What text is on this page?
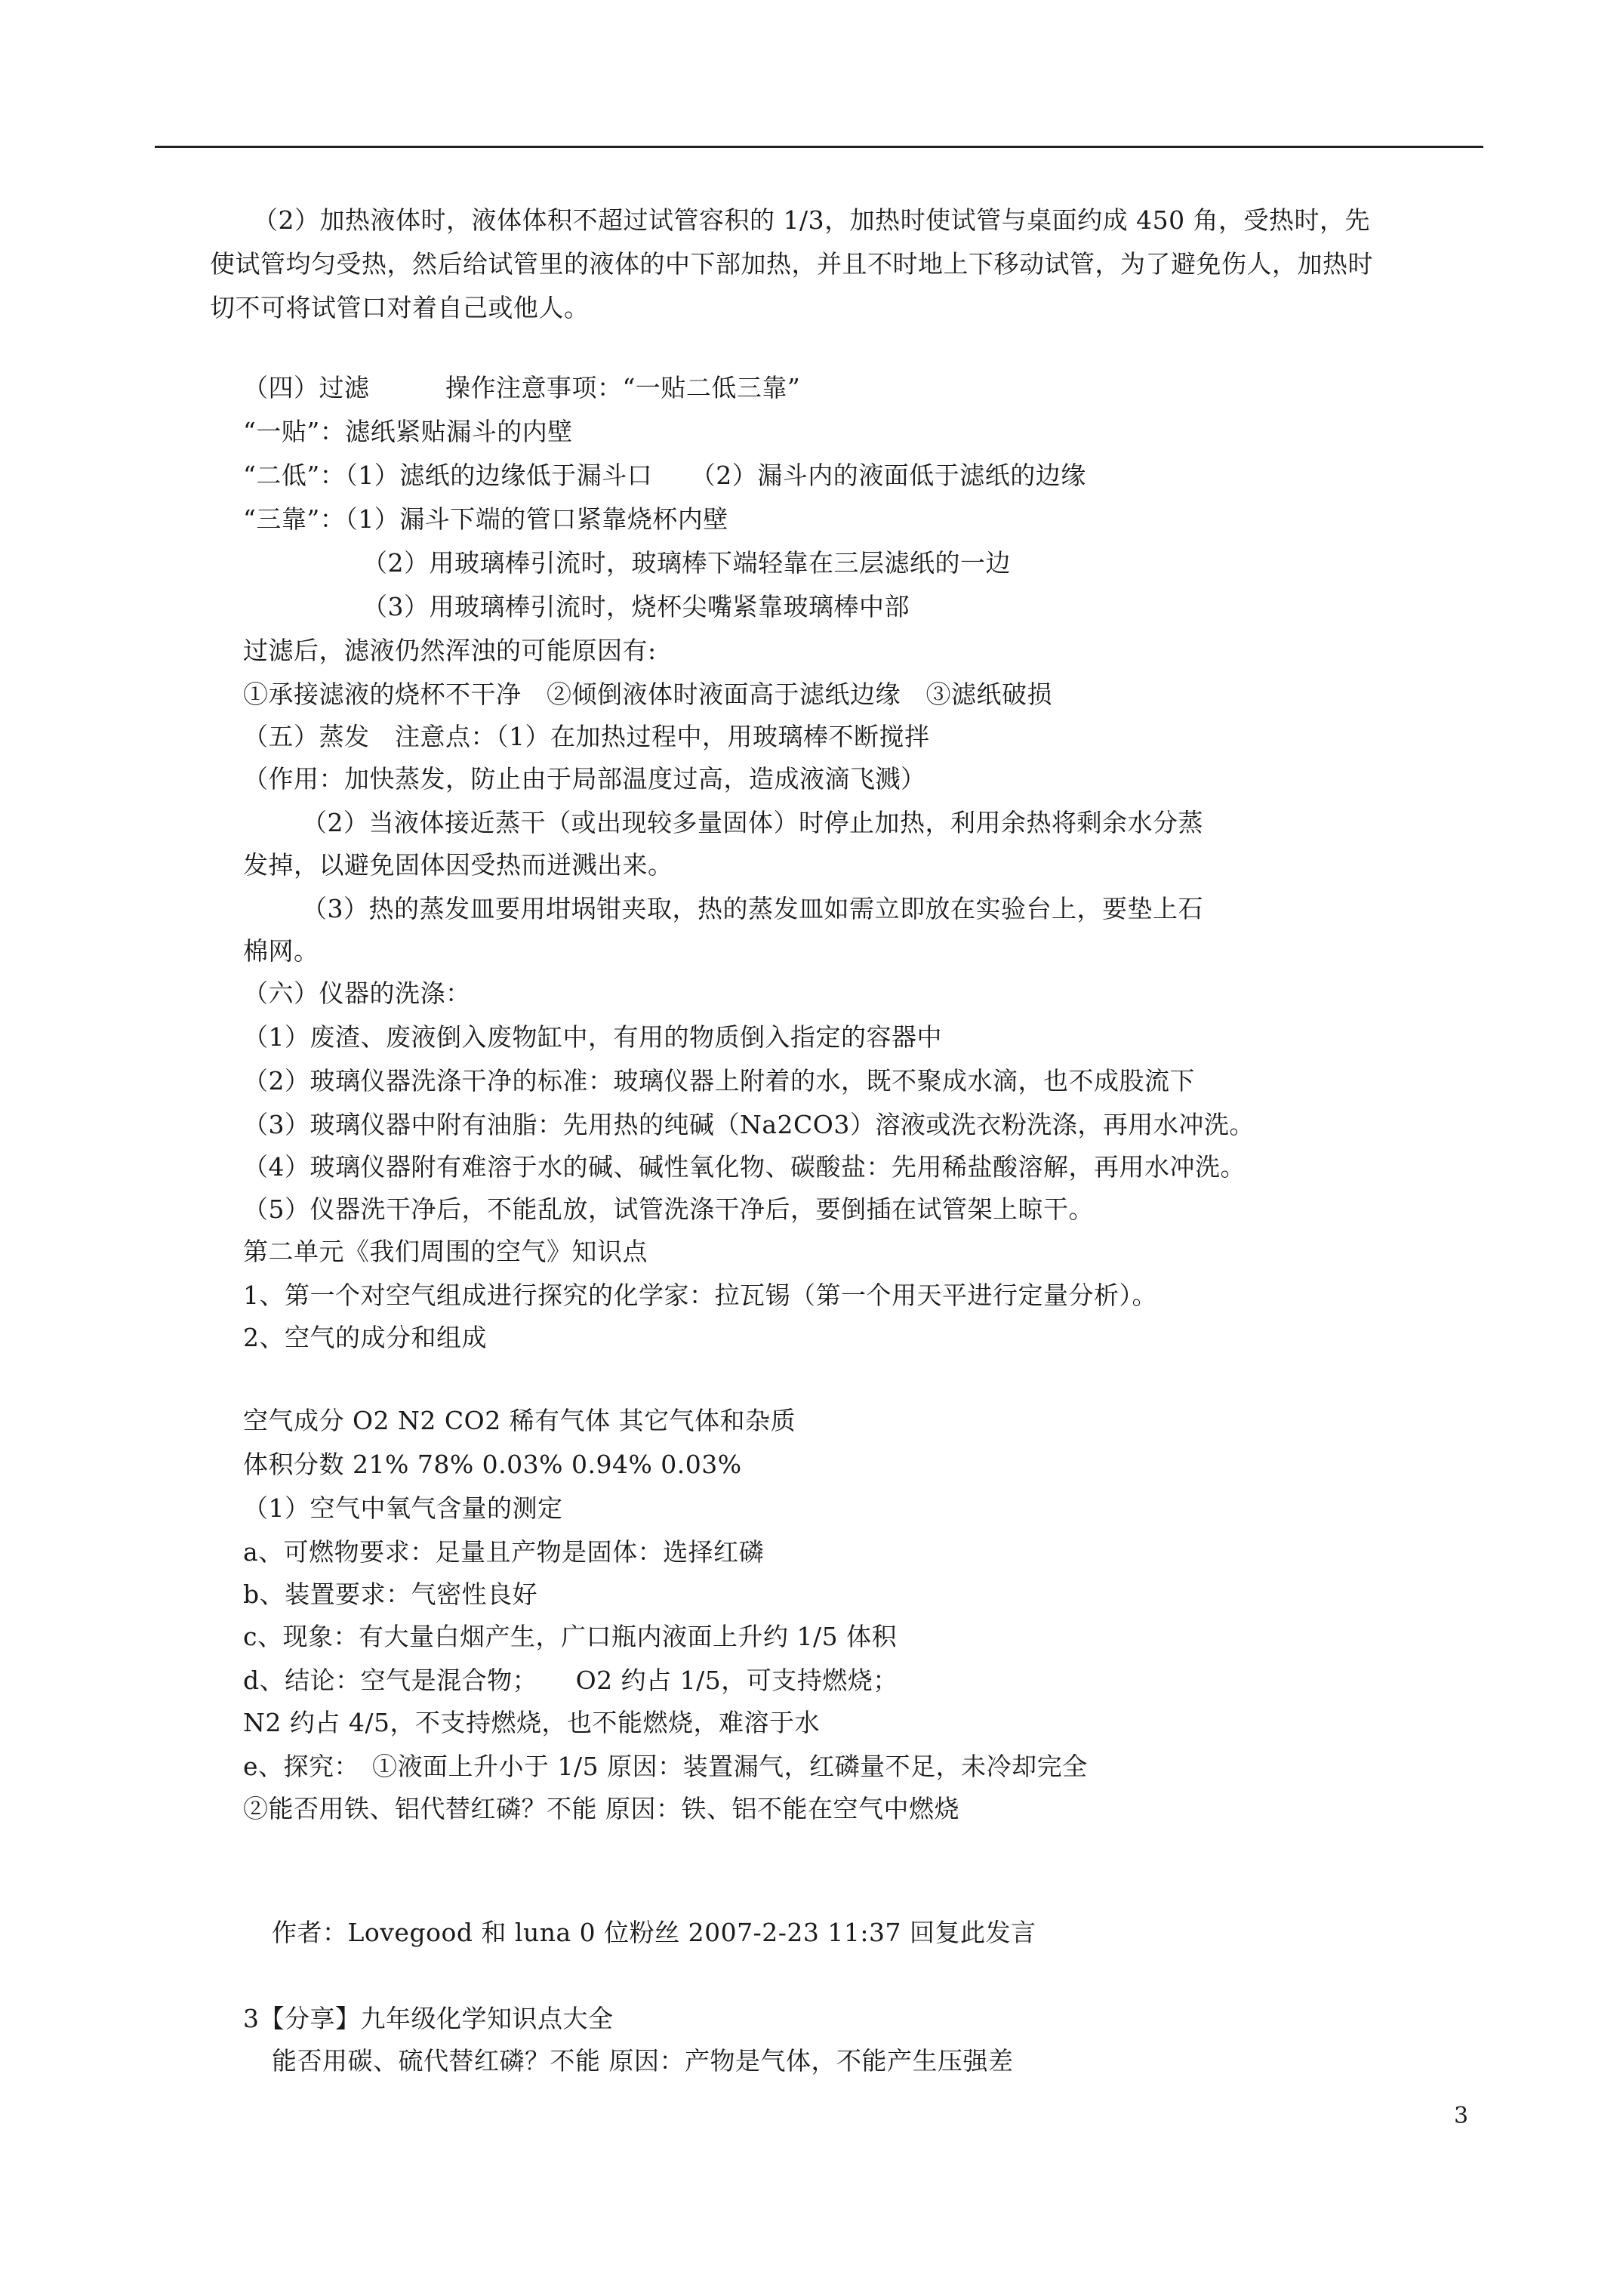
（2）加热液体时，液体体积不超过试管容积的 1/3，加热时使试管与桌面约成 450 角，受热时，先
使试管均匀受热，然后给试管里的液体的中下部加热，并且不时地上下移动试管，为了避免伤人，加热时
切不可将试管口对着自己或他人。
（四）过滤　　　操作注意事项：“一贴二低三靠”
“一贴”：滤纸紧贴漏斗的内壁
“二低”：（1）滤纸的边缘低于漏斗口　　（2）漏斗内的液面低于滤纸的边缘
“三靠”：（1）漏斗下端的管口紧靠烧杯内壁
（2）用玻璃棒引流时，玻璃棒下端轻靠在三层滤纸的一边
（3）用玻璃棒引流时，烧杯尖嘴紧靠玻璃棒中部
过滤后，滤液仍然浑浊的可能原因有:
①承接滤液的烧杯不干净　②倾倒液体时液面高于滤纸边缘　③滤纸破损
（五）蒸发　注意点：（1）在加热过程中，用玻璃棒不断搅拌
（作用：加快蒸发，防止由于局部温度过高，造成液滴飞溅）
（2）当液体接近蒸干（或出现较多量固体）时停止加热，利用余热将剩余水分蒸
发掉，以避免固体因受热而迸溅出来。
（3）热的蒸发皿要用坩埚钳夹取，热的蒸发皿如需立即放在实验台上，要垫上石
棉网。
（六）仪器的洗涤：
（1）废渣、废液倒入废物缸中，有用的物质倒入指定的容器中
（2）玻璃仪器洗涤干净的标准：玻璃仪器上附着的水，既不聚成水滴，也不成股流下
（3）玻璃仪器中附有油脂：先用热的纯碱（Na2CO3）溶液或洗衣粉洗涤，再用水冲洗。
（4）玻璃仪器附有难溶于水的碱、碱性氧化物、碳酸盐：先用稀盐酸溶解，再用水冲洗。
（5）仪器洗干净后，不能乱放，试管洗涤干净后，要倒插在试管架上晾干。
第二单元《我们周围的空气》知识点
1、第一个对空气组成进行探究的化学家：拉瓦锡（第一个用天平进行定量分析）。
2、空气的成分和组成
空气成分 O2 N2 CO2 稀有气体 其它气体和杂质
体积分数 21% 78% 0.03% 0.94% 0.03%
（1）空气中氧气含量的测定
a、可燃物要求：足量且产物是固体：选择红磷
b、装置要求：气密性良好
c、现象：有大量白烟产生，广口瓶内液面上升约 1/5 体积
d、结论：空气是混合物；　　O2 约占 1/5，可支持燃烧；
N2 约占 4/5，不支持燃烧，也不能燃烧，难溶于水
e、探究：　①液面上升小于 1/5 原因：装置漏气，红磷量不足，未冷却完全
②能否用铁、铝代替红磷？不能 原因：铁、铝不能在空气中燃烧
作者：Lovegood 和 luna 0 位粉丝 2007-2-23 11:37 回复此发言
3【分享】九年级化学知识点大全
能否用碳、硫代替红磷？不能 原因：产物是气体，不能产生压强差
3
